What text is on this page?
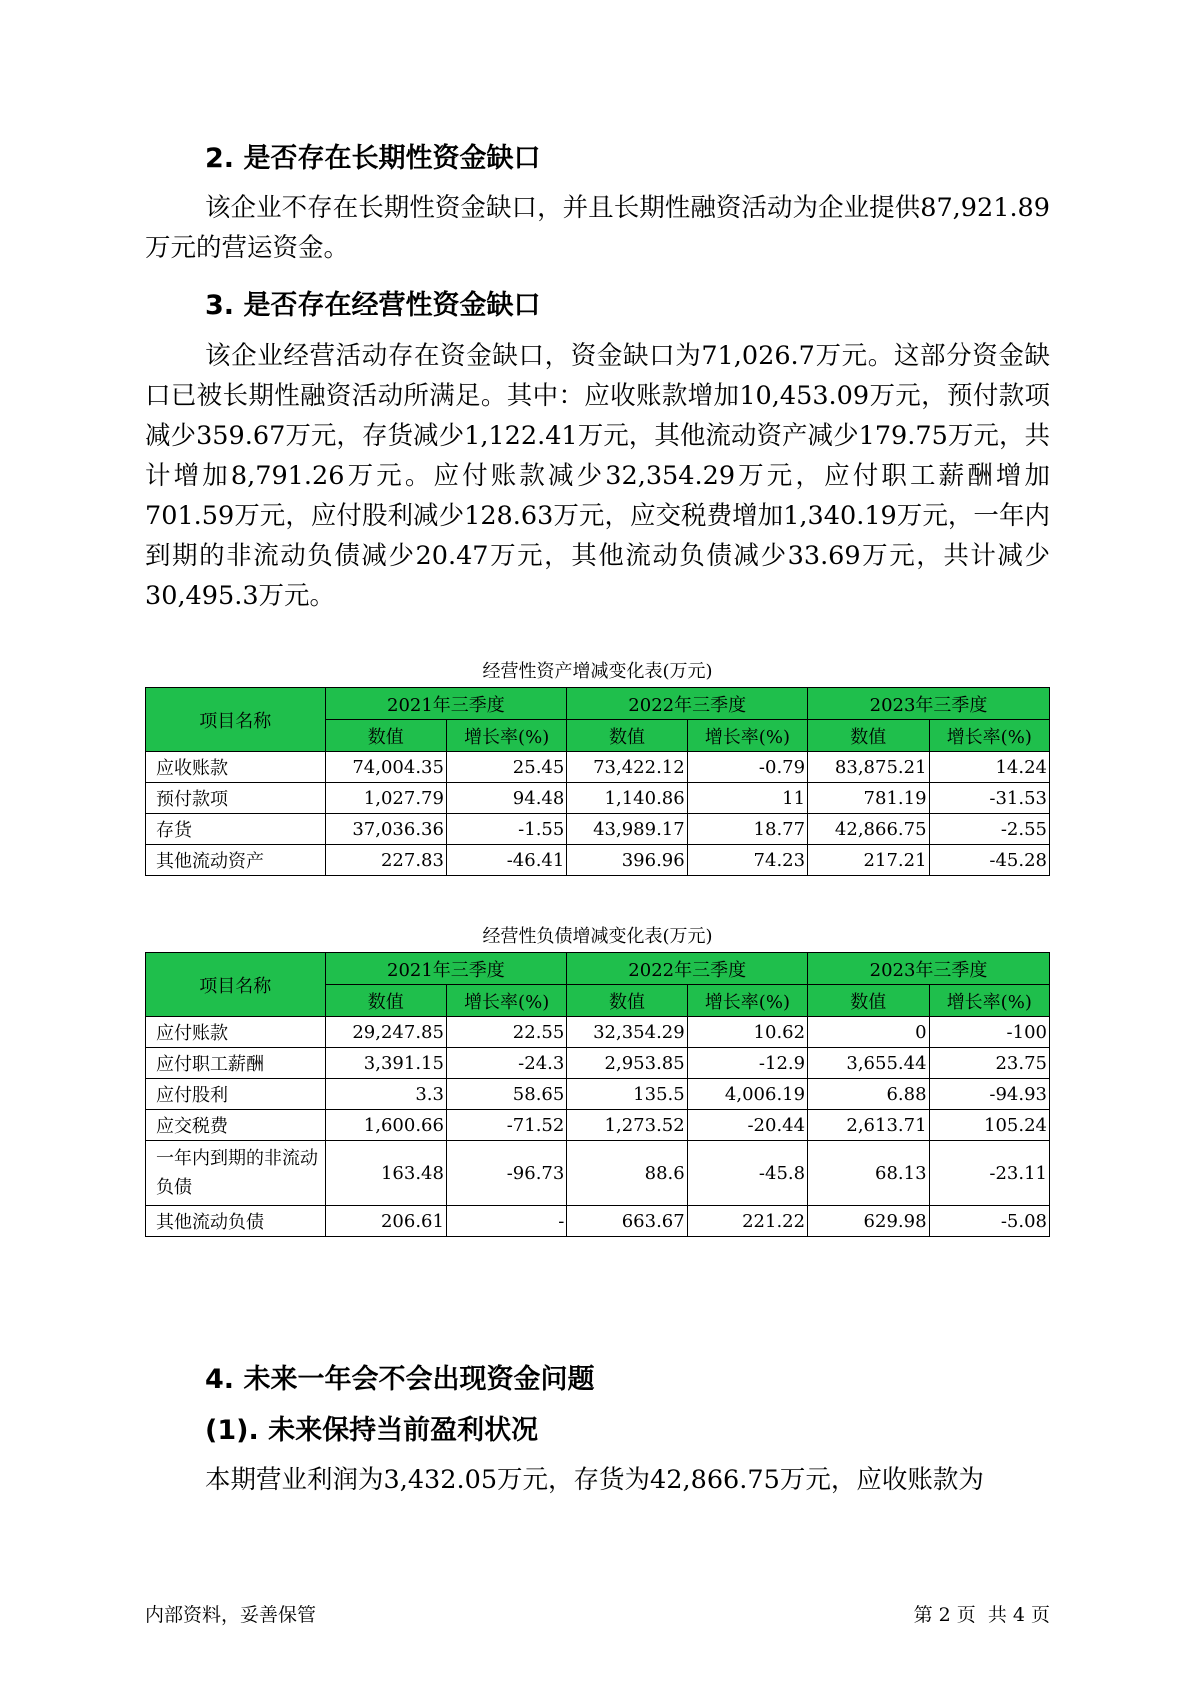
2. 是否存在长期性资金缺口

该企业不存在长期性资金缺口，并且长期性融资活动为企业提供87,921.89万元的营运资金。

3. 是否存在经营性资金缺口

该企业经营活动存在资金缺口，资金缺口为71,026.7万元。这部分资金缺口已被长期性融资活动所满足。其中：应收账款增加10,453.09万元，预付款项减少359.67万元，存货减少1,122.41万元，其他流动资产减少179.75万元，共计增加8,791.26万元。应付账款减少32,354.29万元，应付职工薪酬增加701.59万元，应付股利减少128.63万元，应交税费增加1,340.19万元，一年内到期的非流动负债减少20.47万元，其他流动负债减少33.69万元，共计减少30,495.3万元。

经营性资产增减变化表(万元)
项目名称	2021年三季度		2022年三季度		2023年三季度	
	数值	增长率(%)	数值	增长率(%)	数值	增长率(%)
应收账款	74,004.35	25.45	73,422.12	-0.79	83,875.21	14.24
预付款项	1,027.79	94.48	1,140.86	11	781.19	-31.53
存货	37,036.36	-1.55	43,989.17	18.77	42,866.75	-2.55
其他流动资产	227.83	-46.41	396.96	74.23	217.21	-45.28
经营性负债增减变化表(万元)
项目名称	2021年三季度		2022年三季度		2023年三季度	
	数值	增长率(%)	数值	增长率(%)	数值	增长率(%)
应付账款	29,247.85	22.55	32,354.29	10.62	0	-100
应付职工薪酬	3,391.15	-24.3	2,953.85	-12.9	3,655.44	23.75
应付股利	3.3	58.65	135.5	4,006.19	6.88	-94.93
应交税费	1,600.66	-71.52	1,273.52	-20.44	2,613.71	105.24
一年内到期的非流动负债	163.48	-96.73	88.6	-45.8	68.13	-23.11
其他流动负债	206.61	-	663.67	221.22	629.98	-5.08
4. 未来一年会不会出现资金问题
(1). 未来保持当前盈利状况

本期营业利润为3,432.05万元，存货为42,866.75万元，应收账款为

内部资料，妥善保管	第 2 页  共 4 页
